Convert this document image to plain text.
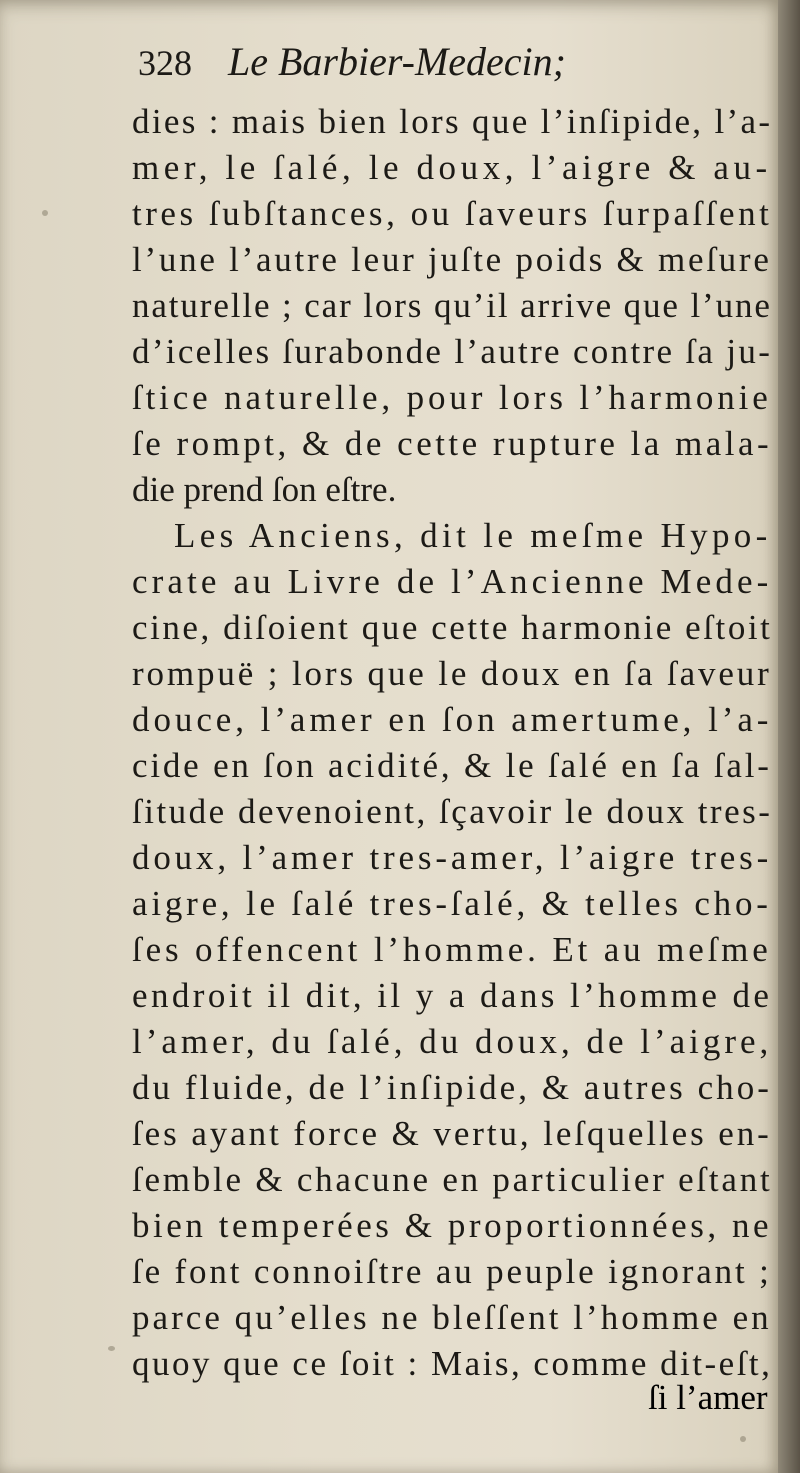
328 Le Barbier-Medecin;
dies : mais bien lors que l’inſipide, l’a-
mer, le ſalé, le doux, l’aigre & au-
tres ſubſtances, ou ſaveurs ſurpaſſent
l’une l’autre leur juſte poids & meſure
naturelle ; car lors qu’il arrive que l’une
d’icelles ſurabonde l’autre contre ſa ju-
ſtice naturelle, pour lors l’harmonie
ſe rompt, & de cette rupture la mala-
die prend ſon eſtre.
Les Anciens, dit le meſme Hypo-
crate au Livre de l’Ancienne Mede-
cine, diſoient que cette harmonie eſtoit
rompuë ; lors que le doux en ſa ſaveur
douce, l’amer en ſon amertume, l’a-
cide en ſon acidité, & le ſalé en ſa ſal-
ſitude devenoient, ſçavoir le doux tres-
doux, l’amer tres-amer, l’aigre tres-
aigre, le ſalé tres-ſalé, & telles cho-
ſes offencent l’homme. Et au meſme
endroit il dit, il y a dans l’homme de
l’amer, du ſalé, du doux, de l’aigre,
du fluide, de l’inſipide, & autres cho-
ſes ayant force & vertu, leſquelles en-
ſemble & chacune en particulier eſtant
bien temperées & proportionnées, ne
ſe font connoiſtre au peuple ignorant ;
parce qu’elles ne bleſſent l’homme en
quoy que ce ſoit : Mais, comme dit-eſt,
ſi l’amer
